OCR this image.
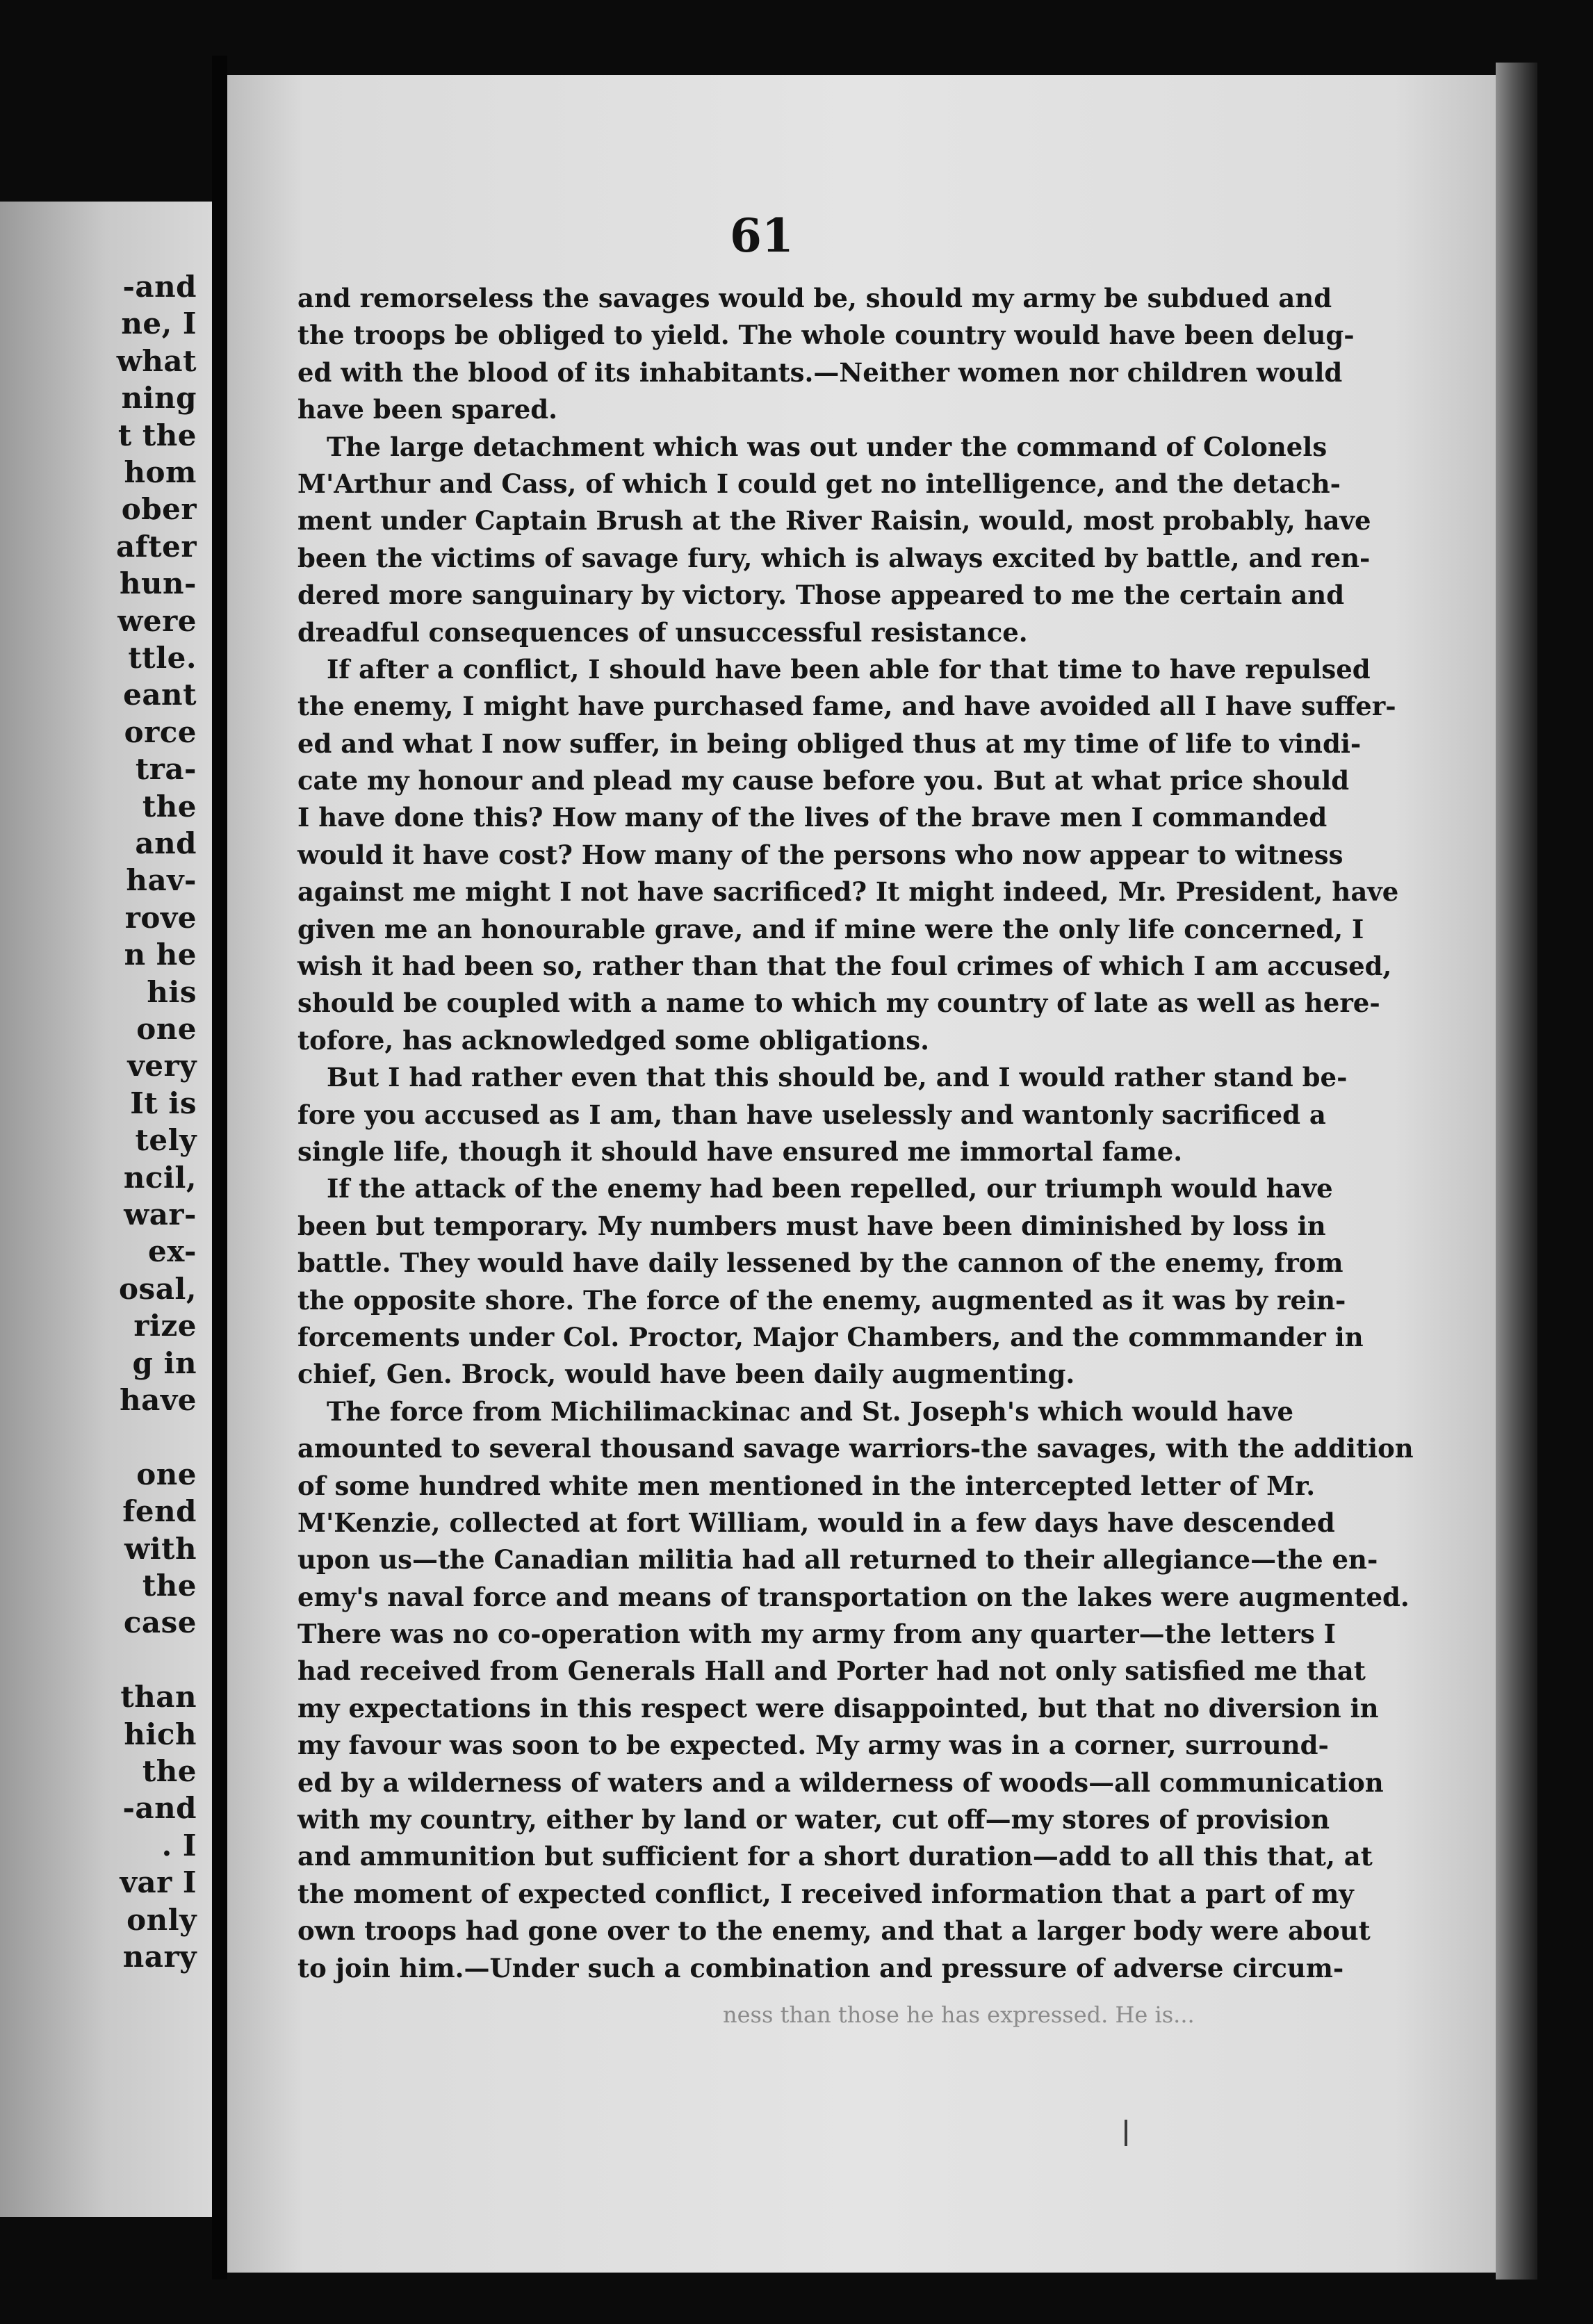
-and
ne, I
what
ning
t the
hom
ober
after
hun-
were
ttle.
eant
orce
tra-
the
and
hav-
rove
n he
his
one
very
It is
tely
ncil,
war-
ex-
osal,
rize
g in
have
one
fend
with
the
case
than
hich
the
-and
. I
var I
only
nary
61
and remorseless the savages would be, should my army be subdued and
the troops be obliged to yield. The whole country would have been delug-
ed with the blood of its inhabitants.—Neither women nor children would
have been spared.
The large detachment which was out under the command of Colonels
M'Arthur and Cass, of which I could get no intelligence, and the detach-
ment under Captain Brush at the River Raisin, would, most probably, have
been the victims of savage fury, which is always excited by battle, and ren-
dered more sanguinary by victory. Those appeared to me the certain and
dreadful consequences of unsuccessful resistance.
If after a conflict, I should have been able for that time to have repulsed
the enemy, I might have purchased fame, and have avoided all I have suffer-
ed and what I now suffer, in being obliged thus at my time of life to vindi-
cate my honour and plead my cause before you. But at what price should
I have done this? How many of the lives of the brave men I commanded
would it have cost? How many of the persons who now appear to witness
against me might I not have sacrificed? It might indeed, Mr. President, have
given me an honourable grave, and if mine were the only life concerned, I
wish it had been so, rather than that the foul crimes of which I am accused,
should be coupled with a name to which my country of late as well as here-
tofore, has acknowledged some obligations.
But I had rather even that this should be, and I would rather stand be-
fore you accused as I am, than have uselessly and wantonly sacrificed a
single life, though it should have ensured me immortal fame.
If the attack of the enemy had been repelled, our triumph would have
been but temporary. My numbers must have been diminished by loss in
battle. They would have daily lessened by the cannon of the enemy, from
the opposite shore. The force of the enemy, augmented as it was by rein-
forcements under Col. Proctor, Major Chambers, and the commmander in
chief, Gen. Brock, would have been daily augmenting.
The force from Michilimackinac and St. Joseph's which would have
amounted to several thousand savage warriors-the savages, with the addition
of some hundred white men mentioned in the intercepted letter of Mr.
M'Kenzie, collected at fort William, would in a few days have descended
upon us—the Canadian militia had all returned to their allegiance—the en-
emy's naval force and means of transportation on the lakes were augmented.
There was no co-operation with my army from any quarter—the letters I
had received from Generals Hall and Porter had not only satisfied me that
my expectations in this respect were disappointed, but that no diversion in
my favour was soon to be expected. My army was in a corner, surround-
ed by a wilderness of waters and a wilderness of woods—all communication
with my country, either by land or water, cut off—my stores of provision
and ammunition but sufficient for a short duration—add to all this that, at
the moment of expected conflict, I received information that a part of my
own troops had gone over to the enemy, and that a larger body were about
to join him.—Under such a combination and pressure of adverse circum-
ness than those he has expressed. He is...
